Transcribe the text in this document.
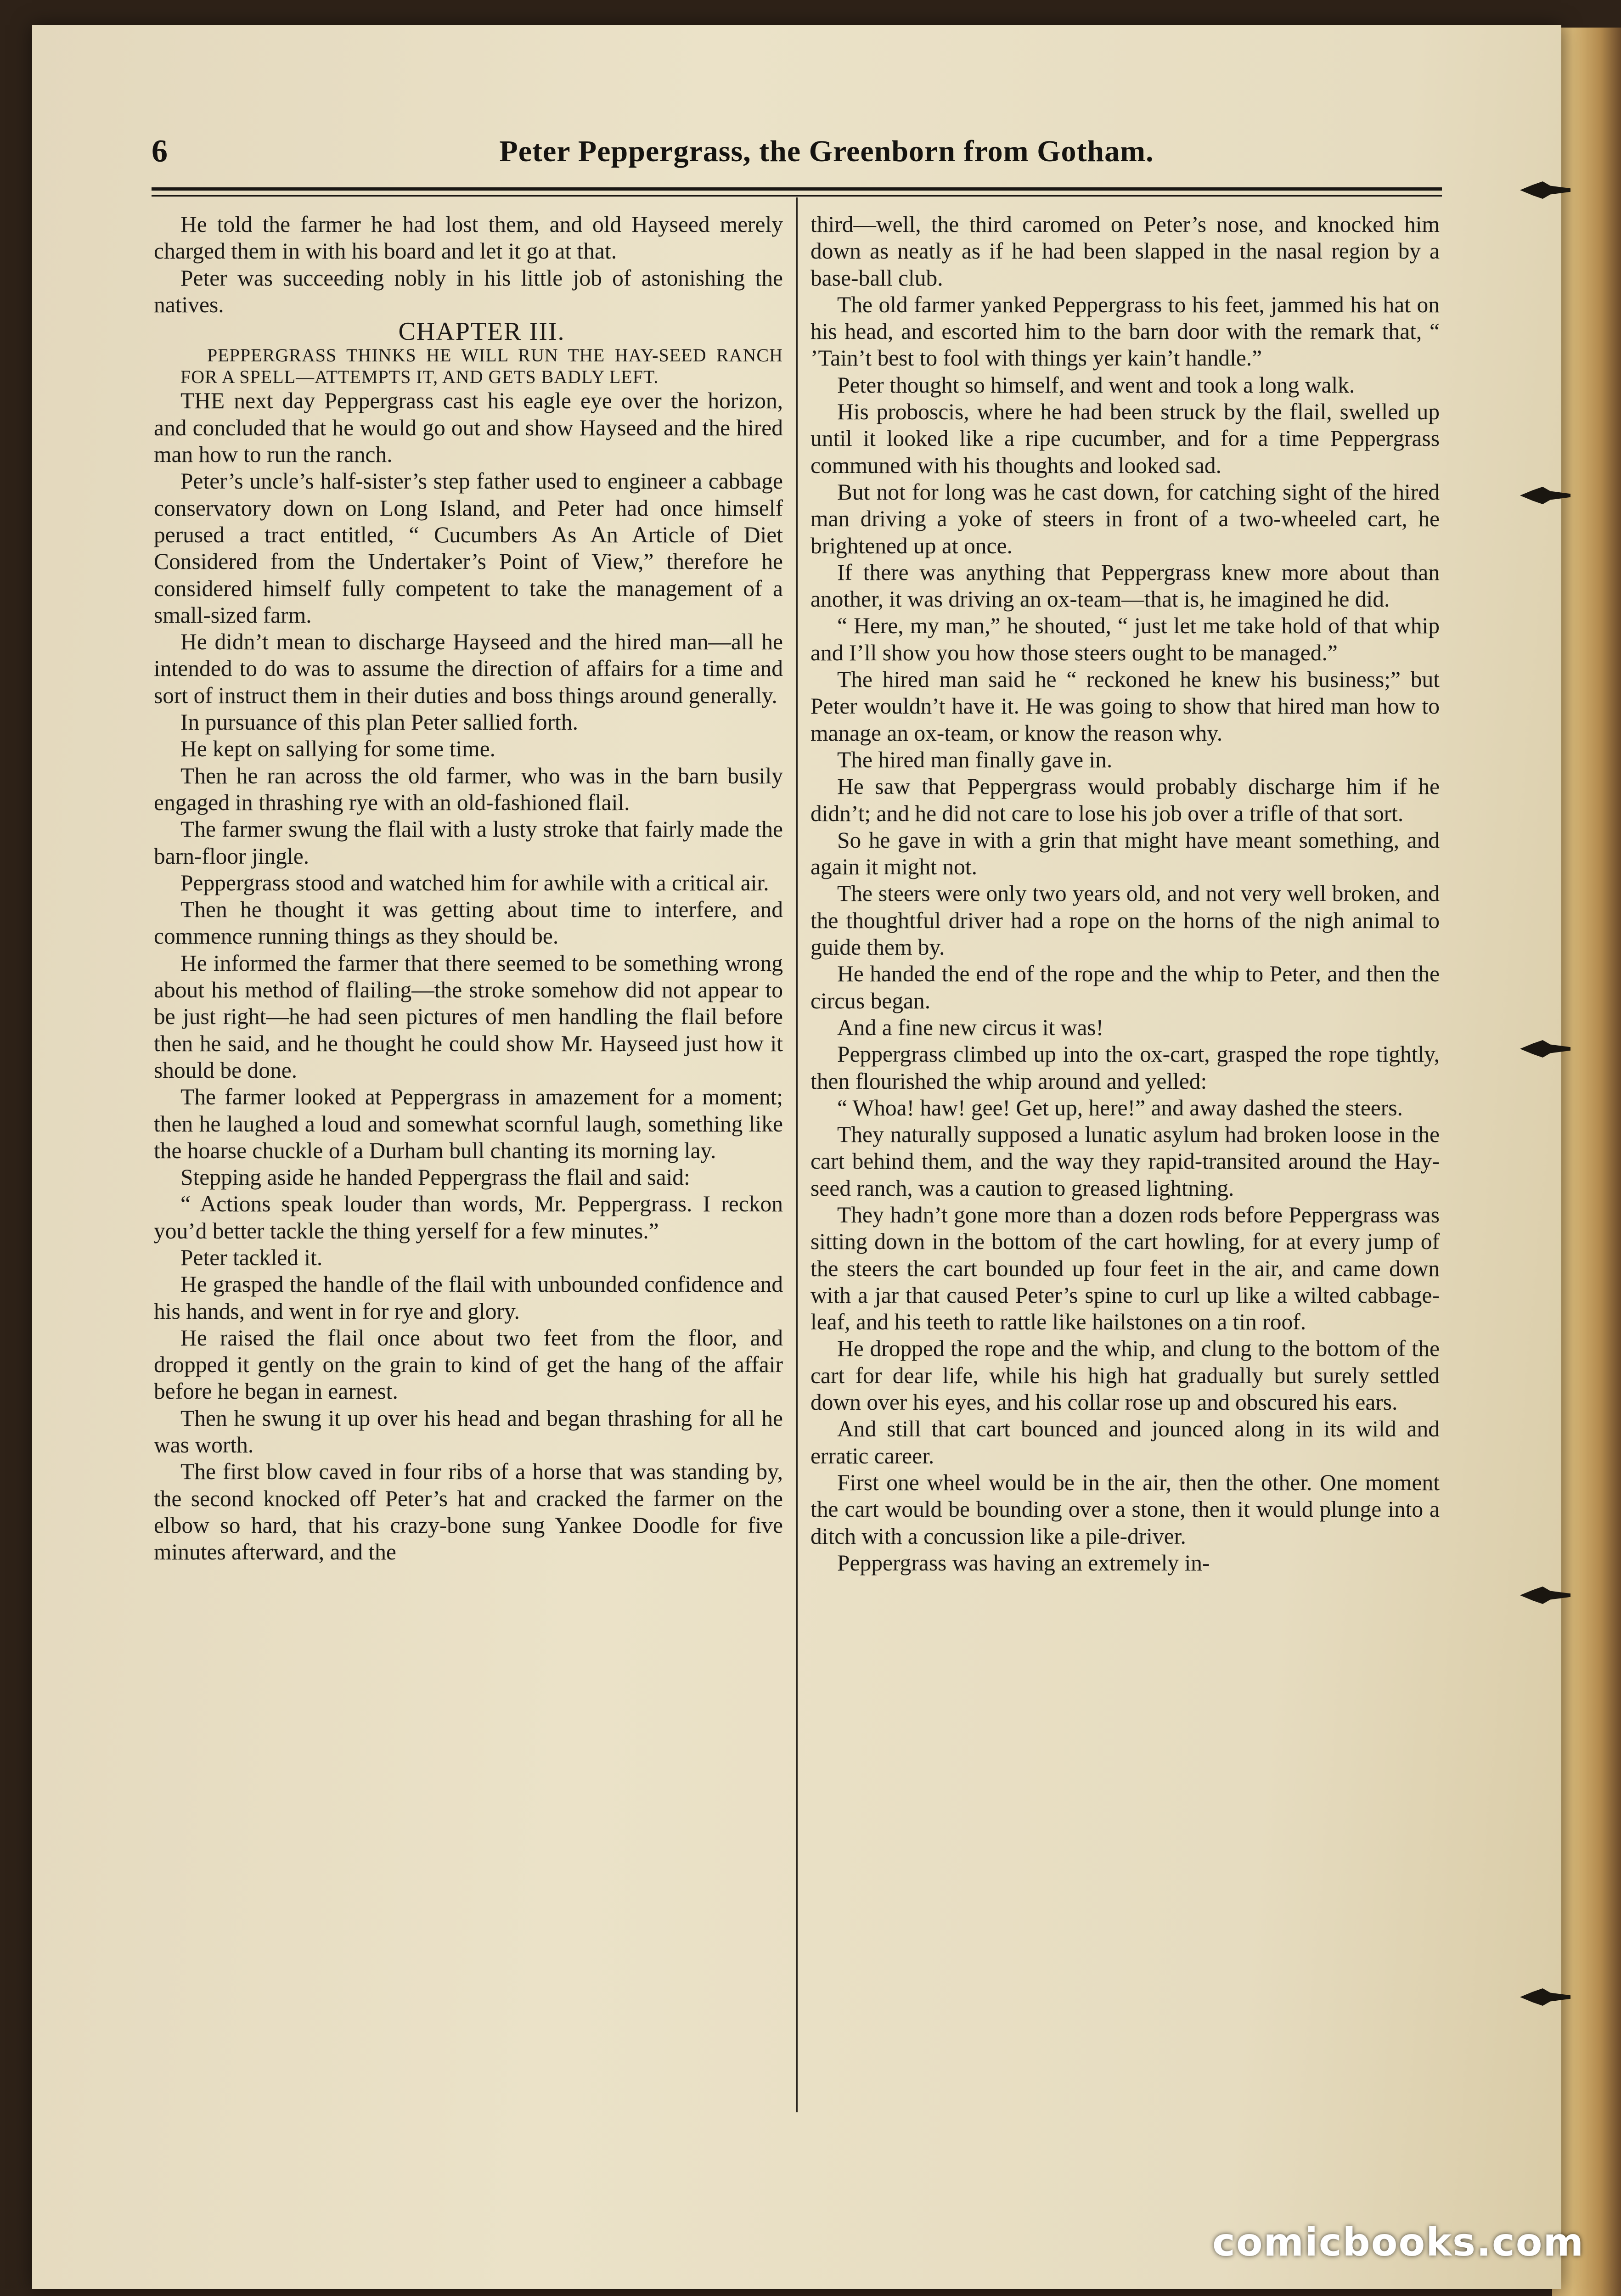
6	Peter Peppergrass, the Greenborn from Gotham.

He told the farmer he had lost them, and old Hayseed merely charged them in with his board and let it go at that.

Peter was succeeding nobly in his little job of astonishing the natives.

CHAPTER III.

PEPPERGRASS THINKS HE WILL RUN THE HAY-SEED RANCH FOR A SPELL—ATTEMPTS IT, AND GETS BADLY LEFT.

THE next day Peppergrass cast his eagle eye over the horizon, and concluded that he would go out and show Hayseed and the hired man how to run the ranch.

Peter’s uncle’s half-sister’s step father used to engineer a cabbage conservatory down on Long Island, and Peter had once himself perused a tract entitled, “ Cucumbers As An Article of Diet Considered from the Undertaker’s Point of View,” therefore he considered himself fully competent to take the management of a small-sized farm.

He didn’t mean to discharge Hayseed and the hired man—all he intended to do was to assume the direction of affairs for a time and sort of instruct them in their duties and boss things around generally.

In pursuance of this plan Peter sallied forth.

He kept on sallying for some time.

Then he ran across the old farmer, who was in the barn busily engaged in thrashing rye with an old-fashioned flail.

The farmer swung the flail with a lusty stroke that fairly made the barn-floor jingle.

Peppergrass stood and watched him for awhile with a critical air.

Then he thought it was getting about time to interfere, and commence running things as they should be.

He informed the farmer that there seemed to be something wrong about his method of flailing—the stroke somehow did not appear to be just right—he had seen pictures of men handling the flail before then he said, and he thought he could show Mr. Hayseed just how it should be done.

The farmer looked at Peppergrass in amazement for a moment; then he laughed a loud and somewhat scornful laugh, something like the hoarse chuckle of a Durham bull chanting its morning lay.

Stepping aside he handed Peppergrass the flail and said:

“ Actions speak louder than words, Mr. Peppergrass. I reckon you’d better tackle the thing yerself for a few minutes.”

Peter tackled it.

He grasped the handle of the flail with unbounded confidence and his hands, and went in for rye and glory.

He raised the flail once about two feet from the floor, and dropped it gently on the grain to kind of get the hang of the affair before he began in earnest.

Then he swung it up over his head and began thrashing for all he was worth.

The first blow caved in four ribs of a horse that was standing by, the second knocked off Peter’s hat and cracked the farmer on the elbow so hard, that his crazy-bone sung Yankee Doodle for five minutes afterward, and the

third—well, the third caromed on Peter’s nose, and knocked him down as neatly as if he had been slapped in the nasal region by a base-ball club.

The old farmer yanked Peppergrass to his feet, jammed his hat on his head, and escorted him to the barn door with the remark that, “ ’Tain’t best to fool with things yer kain’t handle.”

Peter thought so himself, and went and took a long walk.

His proboscis, where he had been struck by the flail, swelled up until it looked like a ripe cucumber, and for a time Peppergrass communed with his thoughts and looked sad.

But not for long was he cast down, for catching sight of the hired man driving a yoke of steers in front of a two-wheeled cart, he brightened up at once.

If there was anything that Peppergrass knew more about than another, it was driving an ox-team—that is, he imagined he did.

“ Here, my man,” he shouted, “ just let me take hold of that whip and I’ll show you how those steers ought to be managed.”

The hired man said he “ reckoned he knew his business;” but Peter wouldn’t have it. He was going to show that hired man how to manage an ox-team, or know the reason why.

The hired man finally gave in.

He saw that Peppergrass would probably discharge him if he didn’t; and he did not care to lose his job over a trifle of that sort.

So he gave in with a grin that might have meant something, and again it might not.

The steers were only two years old, and not very well broken, and the thoughtful driver had a rope on the horns of the nigh animal to guide them by.

He handed the end of the rope and the whip to Peter, and then the circus began.

And a fine new circus it was!

Peppergrass climbed up into the ox-cart, grasped the rope tightly, then flourished the whip around and yelled:

“ Whoa! haw! gee! Get up, here!” and away dashed the steers.

They naturally supposed a lunatic asylum had broken loose in the cart behind them, and the way they rapid-transited around the Hay-seed ranch, was a caution to greased lightning.

They hadn’t gone more than a dozen rods before Peppergrass was sitting down in the bottom of the cart howling, for at every jump of the steers the cart bounded up four feet in the air, and came down with a jar that caused Peter’s spine to curl up like a wilted cabbage-leaf, and his teeth to rattle like hailstones on a tin roof.

He dropped the rope and the whip, and clung to the bottom of the cart for dear life, while his high hat gradually but surely settled down over his eyes, and his collar rose up and obscured his ears.

And still that cart bounced and jounced along in its wild and erratic career.

First one wheel would be in the air, then the other. One moment the cart would be bounding over a stone, then it would plunge into a ditch with a concussion like a pile-driver.

Peppergrass was having an extremely in-

comicbooks.com
